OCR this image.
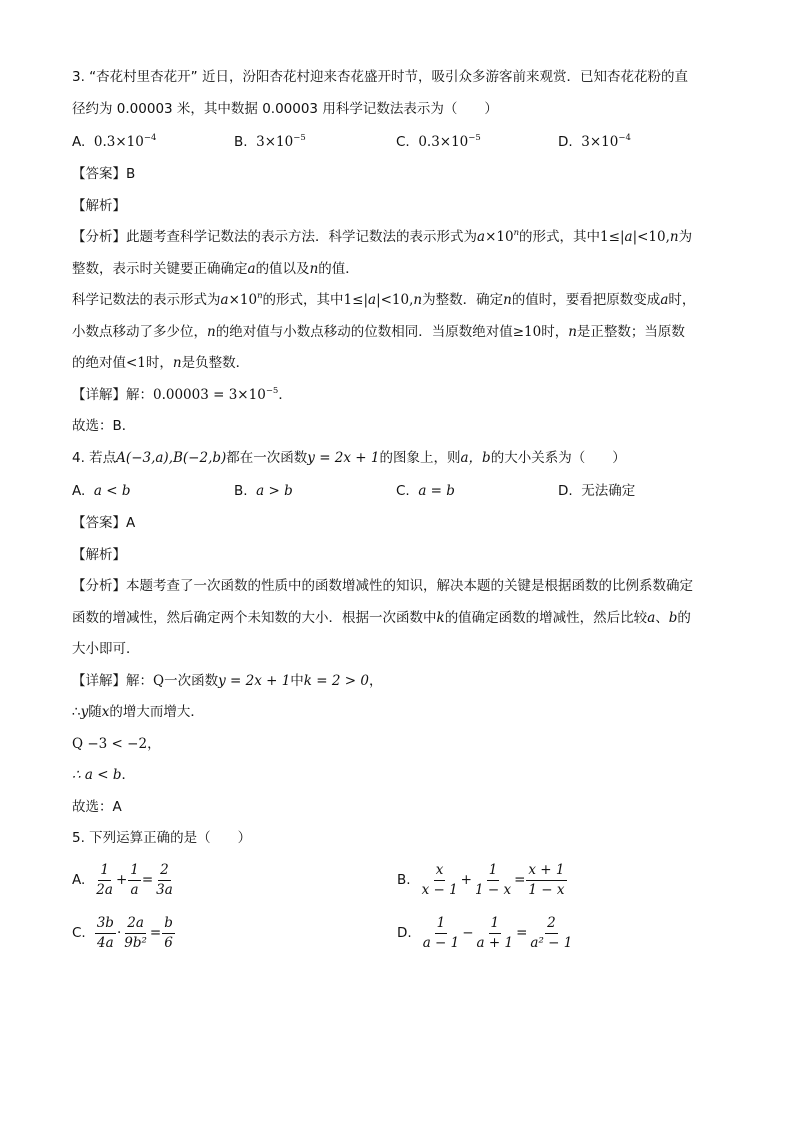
3. “杏花村里杏花开” 近日，汾阳杏花村迎来杏花盛开时节，吸引众多游客前来观赏．已知杏花花粉的直
径约为 0.00003 米，其中数据 0.00003 用科学记数法表示为（　　）
A. $0.3\times 10^{-4}$	B. $3\times 10^{-5}$	C. $0.3\times 10^{-5}$	D. $3\times 10^{-4}$
【答案】B
【解析】
【分析】此题考查科学记数法的表示方法．科学记数法的表示形式为$a\times 10^n$的形式，其中1≤|a|<10,n为
整数，表示时关键要正确确定a的值以及n的值．
科学记数法的表示形式为$a\times 10^n$的形式，其中1≤|a|<10,n为整数．确定n的值时，要看把原数变成a时，
小数点移动了多少位，n的绝对值与小数点移动的位数相同．当原数绝对值≥10时，n是正整数；当原数
的绝对值<1时，n是负整数．
【详解】解：$0.00003 = 3\times 10^{-5}$．
故选：B．
4. 若点A(−3,a),B(−2,b)都在一次函数y = 2x + 1的图象上，则a，b的大小关系为（　　）
A. a < b	B. a > b	C. a = b	D. 无法确定
【答案】A
【解析】
【分析】本题考查了一次函数的性质中的函数增减性的知识，解决本题的关键是根据函数的比例系数确定
函数的增减性，然后确定两个未知数的大小．根据一次函数中k的值确定函数的增减性，然后比较a、b的
大小即可．
【详解】解：Q一次函数y = 2x + 1中k = 2 > 0，
∴y随x的增大而增大．
Q −3 < −2，
∴ a < b．
故选：A
5. 下列运算正确的是（　　）
A. $\frac{1}{2a} + \frac{1}{a} = \frac{2}{3a}$	B. $\frac{x}{x - 1} + \frac{1}{1 - x} = \frac{x + 1}{1 - x}$
C. $\frac{3b}{4a} \cdot \frac{2a}{\text{9b²}} = \frac{b}{6}$	D. $\frac{1}{a - 1} - \frac{1}{a + 1} = \frac{2}{\text{a² − 1}}$
